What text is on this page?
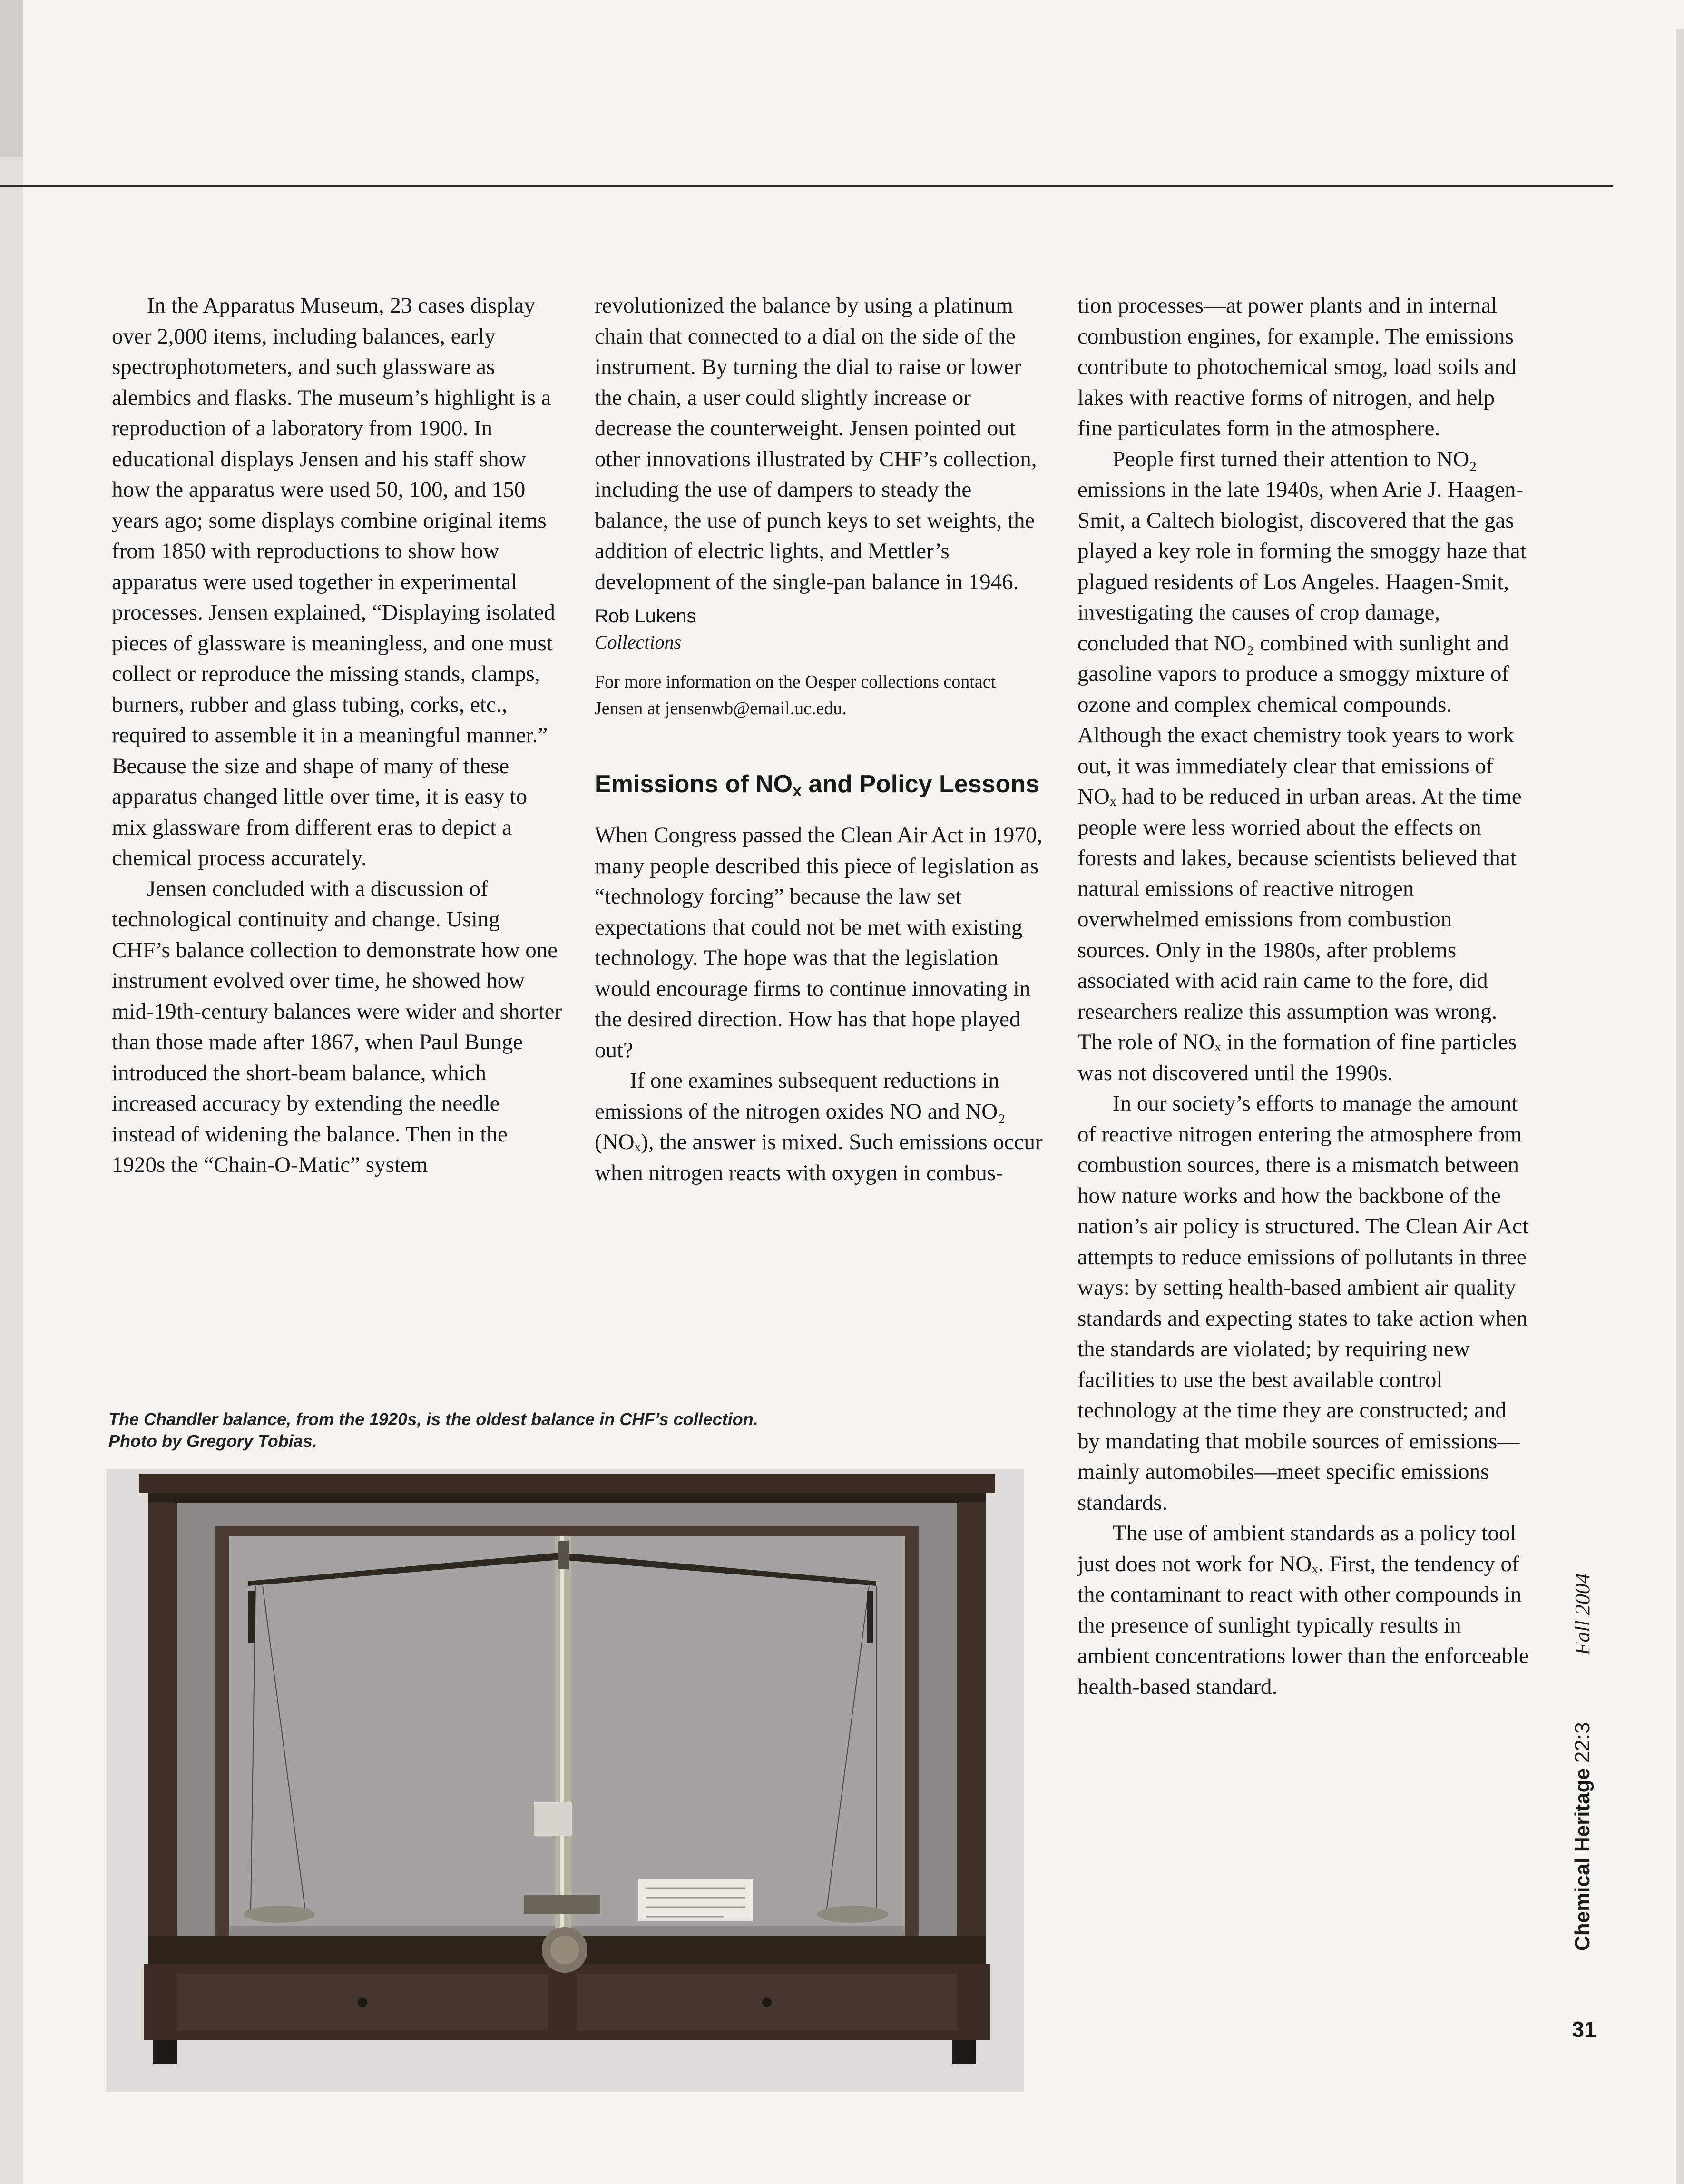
In the Apparatus Museum, 23 cases display over 2,000 items, including balances, early spectrophotometers, and such glassware as alembics and flasks. The museum’s highlight is a reproduction of a laboratory from 1900. In educational displays Jensen and his staff show how the apparatus were used 50, 100, and 150 years ago; some displays combine original items from 1850 with reproductions to show how apparatus were used together in experimental processes. Jensen explained, “Displaying isolated pieces of glassware is meaningless, and one must collect or reproduce the missing stands, clamps, burners, rubber and glass tubing, corks, etc., required to assemble it in a meaningful manner.” Because the size and shape of many of these apparatus changed little over time, it is easy to mix glassware from different eras to depict a chemical process accurately.

Jensen concluded with a discussion of technological continuity and change. Using CHF’s balance collection to demonstrate how one instrument evolved over time, he showed how mid-19th-century balances were wider and shorter than those made after 1867, when Paul Bunge introduced the short-beam balance, which increased accuracy by extending the needle instead of widening the balance. Then in the 1920s the “Chain-O-Matic” system

revolutionized the balance by using a platinum chain that connected to a dial on the side of the instrument. By turning the dial to raise or lower the chain, a user could slightly increase or decrease the counterweight. Jensen pointed out other innovations illustrated by CHF’s collection, including the use of dampers to steady the balance, the use of punch keys to set weights, the addition of electric lights, and Mettler’s development of the single-pan balance in 1946.

Rob Lukens
Collections
For more information on the Oesper collections contact Jensen at jensenwb@email.uc.edu.
Emissions of $NO_x$ and Policy Lessons

When Congress passed the Clean Air Act in 1970, many people described this piece of legislation as “technology forcing” because the law set expectations that could not be met with existing technology. The hope was that the legislation would encourage firms to continue innovating in the desired direction. How has that hope played out?

If one examines subsequent reductions in emissions of the nitrogen oxides NO and NO₂ (NOₓ), the answer is mixed. Such emissions occur when nitrogen reacts with oxygen in combus-

tion processes—at power plants and in internal combustion engines, for example. The emissions contribute to photochemical smog, load soils and lakes with reactive forms of nitrogen, and help fine particulates form in the atmosphere.

People first turned their attention to NO₂ emissions in the late 1940s, when Arie J. Haagen-Smit, a Caltech biologist, discovered that the gas played a key role in forming the smoggy haze that plagued residents of Los Angeles. Haagen-Smit, investigating the causes of crop damage, concluded that NO₂ combined with sunlight and gasoline vapors to produce a smoggy mixture of ozone and complex chemical compounds. Although the exact chemistry took years to work out, it was immediately clear that emissions of NOₓ had to be reduced in urban areas. At the time people were less worried about the effects on forests and lakes, because scientists believed that natural emissions of reactive nitrogen overwhelmed emissions from combustion sources. Only in the 1980s, after problems associated with acid rain came to the fore, did researchers realize this assumption was wrong. The role of NOₓ in the formation of fine particles was not discovered until the 1990s.

In our society’s efforts to manage the amount of reactive nitrogen entering the atmosphere from combustion sources, there is a mismatch between how nature works and how the backbone of the nation’s air policy is structured. The Clean Air Act attempts to reduce emissions of pollutants in three ways: by setting health-based ambient air quality standards and expecting states to take action when the standards are violated; by requiring new facilities to use the best available control technology at the time they are constructed; and by mandating that mobile sources of emissions—mainly automobiles—meet specific emissions standards.

The use of ambient standards as a policy tool just does not work for NOₓ. First, the tendency of the contaminant to react with other compounds in the presence of sunlight typically results in ambient concentrations lower than the enforceable health-based standard.

The Chandler balance, from the 1920s, is the oldest balance in CHF’s collection.
Photo by Gregory Tobias.
Chemical Heritage 22:3 Fall 2004
31
